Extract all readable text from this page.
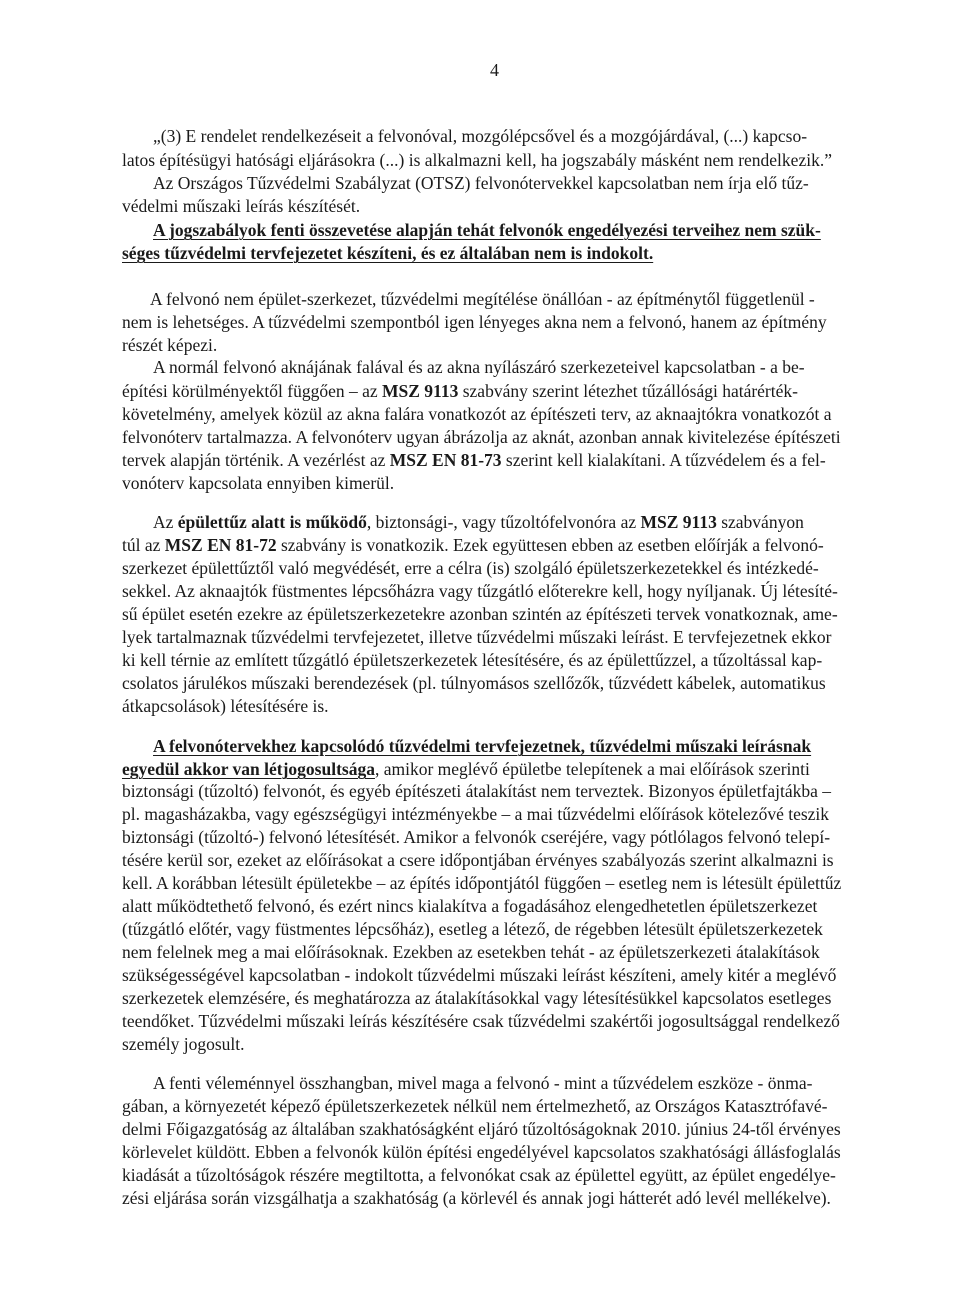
4
„(3) E rendelet rendelkezéseit a felvonóval, mozgólépcsővel és a mozgójárdával, (...) kapcso-
latos építésügyi hatósági eljárásokra (...) is alkalmazni kell, ha jogszabály másként nem rendelkezik.”
Az Országos Tűzvédelmi Szabályzat (OTSZ) felvonótervekkel kapcsolatban nem írja elő tűz-
védelmi műszaki leírás készítését.
A jogszabályok fenti összevetése alapján tehát felvonók engedélyezési terveihez nem szük-
séges tűzvédelmi tervfejezetet készíteni, és ez általában nem is indokolt.
A felvonó nem épület-szerkezet, tűzvédelmi megítélése önállóan - az építménytől függetlenül -
nem is lehetséges. A tűzvédelmi szempontból igen lényeges akna nem a felvonó, hanem az építmény
részét képezi.
A normál felvonó aknájának falával és az akna nyílászáró szerkezeteivel kapcsolatban - a be-
építési körülményektől függően – az MSZ 9113 szabvány szerint létezhet tűzállósági határérték-
követelmény, amelyek közül az akna falára vonatkozót az építészeti terv, az aknaajtókra vonatkozót a
felvonóterv tartalmazza. A felvonóterv ugyan ábrázolja az aknát, azonban annak kivitelezése építészeti
tervek alapján történik. A vezérlést az MSZ EN 81-73 szerint kell kialakítani. A tűzvédelem és a fel-
vonóterv kapcsolata ennyiben kimerül.
Az épülettűz alatt is működő, biztonsági-, vagy tűzoltófelvonóra az MSZ 9113 szabványon
túl az MSZ EN 81-72 szabvány is vonatkozik. Ezek együttesen ebben az esetben előírják a felvonó-
szerkezet épülettűztől való megvédését, erre a célra (is) szolgáló épületszerkezetekkel és intézkedé-
sekkel. Az aknaajtók füstmentes lépcsőházra vagy tűzgátló előterekre kell, hogy nyíljanak. Új létesíté-
sű épület esetén ezekre az épületszerkezetekre azonban szintén az építészeti tervek vonatkoznak, ame-
lyek tartalmaznak tűzvédelmi tervfejezetet, illetve tűzvédelmi műszaki leírást. E tervfejezetnek ekkor
ki kell térnie az említett tűzgátló épületszerkezetek létesítésére, és az épülettűzzel, a tűzoltással kap-
csolatos járulékos műszaki berendezések (pl. túlnyomásos szellőzők, tűzvédett kábelek, automatikus
átkapcsolások) létesítésére is.
A felvonótervekhez kapcsolódó tűzvédelmi tervfejezetnek, tűzvédelmi műszaki leírásnak
egyedül akkor van létjogosultsága, amikor meglévő épületbe telepítenek a mai előírások szerinti
biztonsági (tűzoltó) felvonót, és egyéb építészeti átalakítást nem terveztek. Bizonyos épületfajtákba –
pl. magasházakba, vagy egészségügyi intézményekbe – a mai tűzvédelmi előírások kötelezővé teszik
biztonsági (tűzoltó-) felvonó létesítését. Amikor a felvonók cseréjére, vagy pótlólagos felvonó telepí-
tésére kerül sor, ezeket az előírásokat a csere időpontjában érvényes szabályozás szerint alkalmazni is
kell. A korábban létesült épületekbe – az építés időpontjától függően – esetleg nem is létesült épülettűz
alatt működtethető felvonó, és ezért nincs kialakítva a fogadásához elengedhetetlen épületszerkezet
(tűzgátló előtér, vagy füstmentes lépcsőház), esetleg a létező, de régebben létesült épületszerkezetek
nem felelnek meg a mai előírásoknak. Ezekben az esetekben tehát - az épületszerkezeti átalakítások
szükségességével kapcsolatban - indokolt tűzvédelmi műszaki leírást készíteni, amely kitér a meglévő
szerkezetek elemzésére, és meghatározza az átalakításokkal vagy létesítésükkel kapcsolatos esetleges
teendőket. Tűzvédelmi műszaki leírás készítésére csak tűzvédelmi szakértői jogosultsággal rendelkező
személy jogosult.
A fenti véleménnyel összhangban, mivel maga a felvonó - mint a tűzvédelem eszköze - önma-
gában, a környezetét képező épületszerkezetek nélkül nem értelmezhető, az Országos Katasztrófavé-
delmi Főigazgatóság az általában szakhatóságként eljáró tűzoltóságoknak 2010. június 24-től érvényes
körlevelet küldött. Ebben a felvonók külön építési engedélyével kapcsolatos szakhatósági állásfoglalás
kiadását a tűzoltóságok részére megtiltotta, a felvonókat csak az épülettel együtt, az épület engedélye-
zési eljárása során vizsgálhatja a szakhatóság (a körlevél és annak jogi hátterét adó levél mellékelve).
